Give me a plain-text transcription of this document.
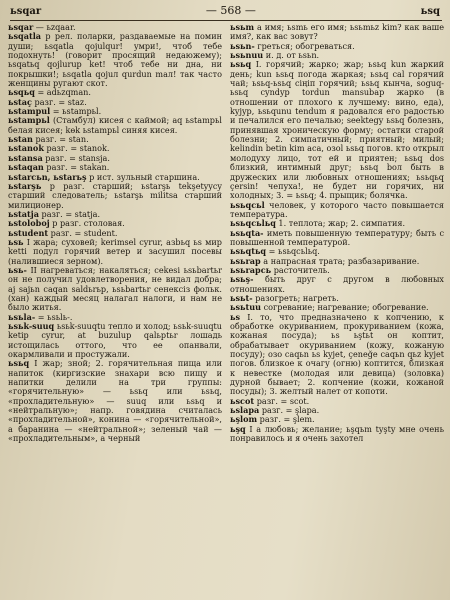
ьsqar	— 568 —	ьsq

ьsqar — ьzqaar.

ьsqatla р рел. поларки, раздаваемые на помин души; ьsqatla qojulqur! умри!, чтоб тебе подохнуть! (говорит просящий недаюжему); ьsqatьq qojlurup ket! чтоб тебе ни дна, ни покрышки!; ьsqatla qojuл qurdun maл! так часто женщины ругают скот.

ьsqьq = adьzqman.

ьstaç разг. = staz.

ьstampul = ьstampьl.

ьstampьl (Стамбул) кисея с каймой; aq ьstampьl белая кисея; kөk ьstampьl синяя кисея.

ьstan разг. = stan.

ьstanok разг. = stanok.

ьstansa разг. = stansja.

ьstaqan разг. = stakan.

ьstarcьn, ьstarьş р ист. зульный старшина.

ьstarşь р разг. старший; ьstarşь tekşetyycy старший следователь; ьstarşь militsa старший милиционер.

ьstatja разг. = statja.

ьstoloboj р разг. столовая.

ьstudent разг. = student.

ьsь I жара; суховей; kerimsel cyrur, aзbьq ьs мир kettі подул горячий ветер и засушил посевы (налившиеся зерном).

ьsь- II нагреваться; накаляться; cekesi ьsьbartьr он не получил удовлетворения, не видал добра; aj sajьn caqan saldьrьp, ьsьbartьr сенексіз фольк. (хан) каждый месяц налагал налоги, и нам не было житья.

ьsьla- = ьsьlь-.

ьsьk-suuq ьsьk-suuqtu тепло и холод; ьsьk-suuqtu ketip cyrur, at buzulup qalьptьr лошадь истощилась оттого, что ее опанвали, окармливали и простужали.

ьsьq I жар; зной; 2. горячительная пища или напиток (киргизские знахари всю пищу и напитки делили на три группы: «горячительную» — ьsьq или ьsьq, «прохладительную» — suuq или ьsьq и «нейтральную»; напр. говядина считалась «прохладительной», конина — «горячительной», а баранина — «нейтральной»; зеленый чай — «прохладительным», а черный

ьsьm а имя; ьsmь его имя; ьsьmьz kim? как ваше имя?, как вас зовут?

ьsьn- греться; обогреваться.

ьsьnuu и. д. от ьsьn.

ьsьq I. горячий; жарко; жар; ьsьq kun жаркий день; kun ьsьq погода жаркая; ьsьq cal горячий чай; ьsьq-ьsьq сіңіп горячий; ьsьq кынча, soguq-ьsьq cyndyp tordun mansubap жарко (в отношении от плохого к лучшему: вино, еда), kyjyp, ьsьqunu tendum я радовался его радостью и печалился его печалью; seektegy ьsьq болезнь, принявшая хроническую форму; остатки старой болезни; 2. симпатичный; приятный; милый; kelindin betin kim aca, oзol ьsьq погов. кто открыл молодуху лицо, тот ей и приятен; ьsьq dos близкий, интимный друг; ьsьq boл быть в дружеских или любовных отношениях; ьsьqьq çersin! чепуха!, не будет ни горячих, ни холодных; 3. = ьsьq; 4. прыщик; болячка.

ьsьqcьl человек, у которого часто повышается температура.

ьsьqcьlьq 1. теплота; жар; 2. симпатия.

ьsьqta- иметь повышенную температуру; быть с повышенной температурой.

ьsьqtьq = ьsьqcьlьq.

ьsьrap а напрасная трата; разбазаривание.

ьsьrapcь расточитель.

ьsьş- быть друг с другом в любовных отношениях.

ьsьt- разогреть; нагреть.

ьsьtuu согревание; нагревание; обогревание.

ьs I. то, что предназначено к копчению, к обработке окуриванием, прокуриванием (кожа, кожаная посуда); ьs ьştьt он коптит, обрабатывает окуриванием (кожу, кожаную посуду); oзo caqьn ьs kyjet, çeneğe caqьn qьz kyjet погов. близкое к очагу (огню) коптится, близкая к невестке (молодая или девица) (золовка) дурной бывает; 2. копчение (кожи, кожаной посуды); 3. желтый налет от копоти.

ьscot разг. = scot.

ьslapa разг. = şlapa.

ьşlom разг. = şlem.

ьşq I а любовь; желание; ьşqьm tyşty мне очень понравилось и я очень захотел
